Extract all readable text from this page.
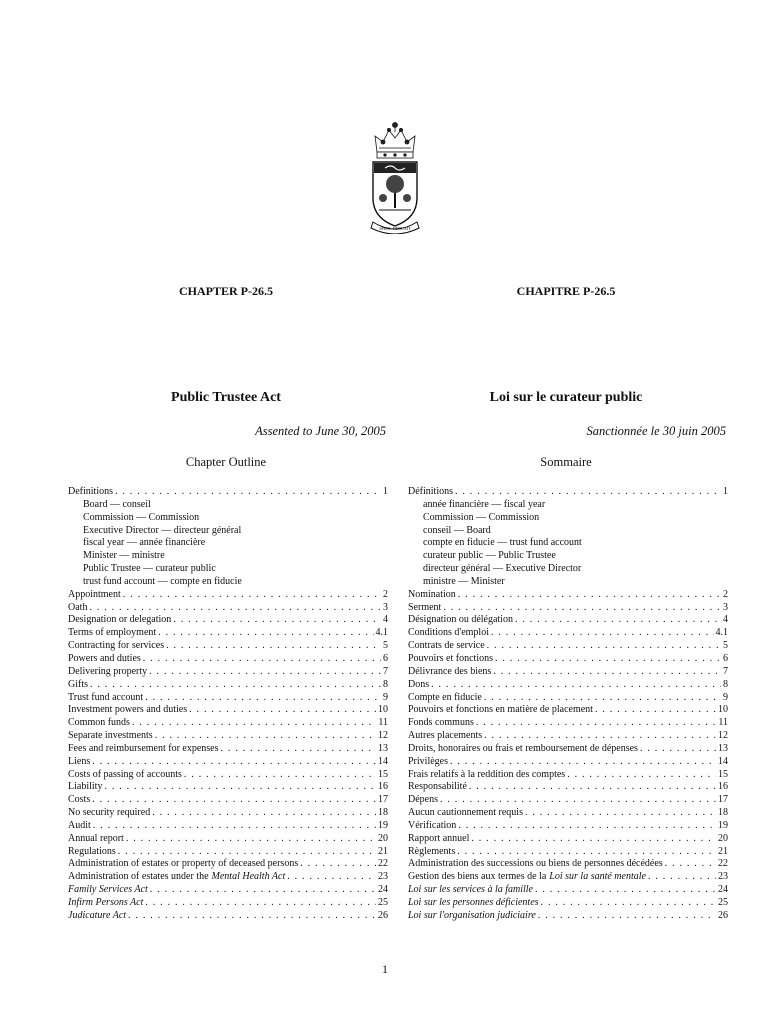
SPEM · REDUXIT
CHAPTER P-26.5	CHAPITRE P-26.5
Public Trustee Act	Loi sur le curateur public
Assented to June 30, 2005	Sanctionnée le 30 juin 2005
Chapter Outline	Sommaire
Definitions . . .	1
Board — conseil
Commission — Commission
Executive Director — directeur général
fiscal year — année financière
Minister — ministre
Public Trustee — curateur public
trust fund account — compte en fiducie
Appointment . . .	2
Oath . . .	3
Designation or delegation . . .	4
Terms of employment . . .	4.1
Contracting for services . . .	5
Powers and duties . . .	6
Delivering property . . .	7
Gifts . . .	8
Trust fund account . . .	9
Investment powers and duties . . .	10
Common funds . . .	11
Separate investments . . .	12
Fees and reimbursement for expenses . . .	13
Liens . . .	14
Costs of passing of accounts . . .	15
Liability . . .	16
Costs . . .	17
No security required . . .	18
Audit . . .	19
Annual report . . .	20
Regulations . . .	21
Administration of estates or property of deceased persons . . .	22
Administration of estates under the Mental Health Act . . .	23
Family Services Act . . .	24
Infirm Persons Act . . .	25
Judicature Act . . .	26
Définitions . . .	1
année financière — fiscal year
Commission — Commission
conseil — Board
compte en fiducie — trust fund account
curateur public — Public Trustee
directeur général — Executive Director
ministre — Minister
Nomination . . .	2
Serment . . .	3
Désignation ou délégation . . .	4
Conditions d'emploi . . .	4.1
Contrats de service . . .	5
Pouvoirs et fonctions . . .	6
Délivrance des biens . . .	7
Dons . . .	8
Compte en fiducie . . .	9
Pouvoirs et fonctions en matière de placement . . .	10
Fonds communs . . .	11
Autres placements . . .	12
Droits, honoraires ou frais et remboursement de dépenses . . .	13
Privilèges . . .	14
Frais relatifs à la reddition des comptes . . .	15
Responsabilité . . .	16
Dépens . . .	17
Aucun cautionnement requis . . .	18
Vérification . . .	19
Rapport annuel . . .	20
Règlements . . .	21
Administration des successions ou biens de personnes décédées . . .	22
Gestion des biens aux termes de la Loi sur la santé mentale . . .	23
Loi sur les services à la famille . . .	24
Loi sur les personnes déficientes . . .	25
Loi sur l'organisation judiciaire . . .	26
1
